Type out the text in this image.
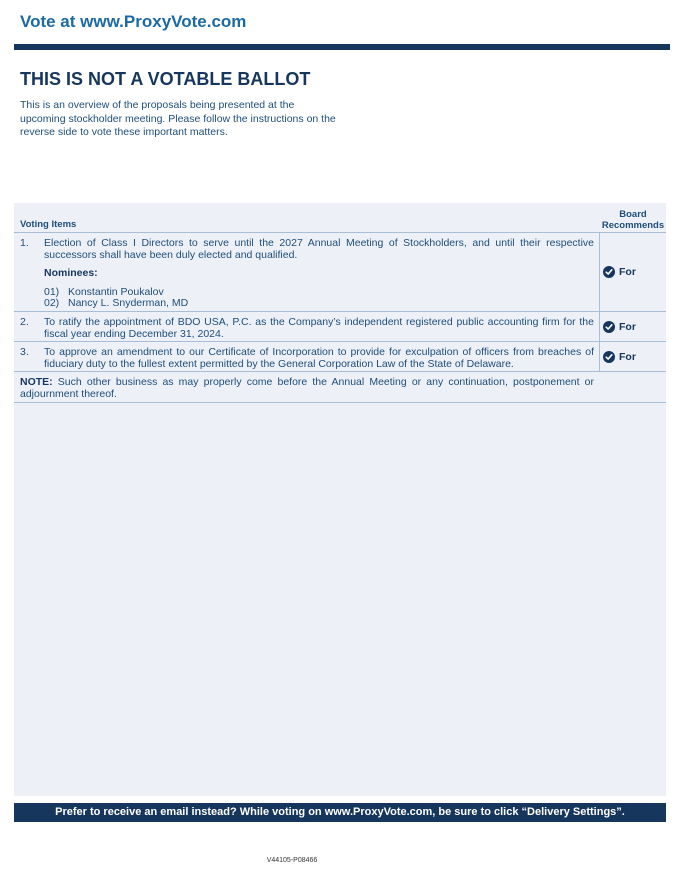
Vote at www.ProxyVote.com
THIS IS NOT A VOTABLE BALLOT
This is an overview of the proposals being presented at the upcoming stockholder meeting. Please follow the instructions on the reverse side to vote these important matters.
Voting Items
Board
Recommends
1. Election of Class I Directors to serve until the 2027 Annual Meeting of Stockholders, and until their respective successors shall have been duly elected and qualified.
Nominees:
01) Konstantin Poukalov
02) Nancy L. Snyderman, MD
For
2. To ratify the appointment of BDO USA, P.C. as the Company’s independent registered public accounting firm for the fiscal year ending December 31, 2024.
For
3. To approve an amendment to our Certificate of Incorporation to provide for exculpation of officers from breaches of fiduciary duty to the fullest extent permitted by the General Corporation Law of the State of Delaware.
For
NOTE: Such other business as may properly come before the Annual Meeting or any continuation, postponement or adjournment thereof.
Prefer to receive an email instead? While voting on www.ProxyVote.com, be sure to click “Delivery Settings”.
V44105-P08466
